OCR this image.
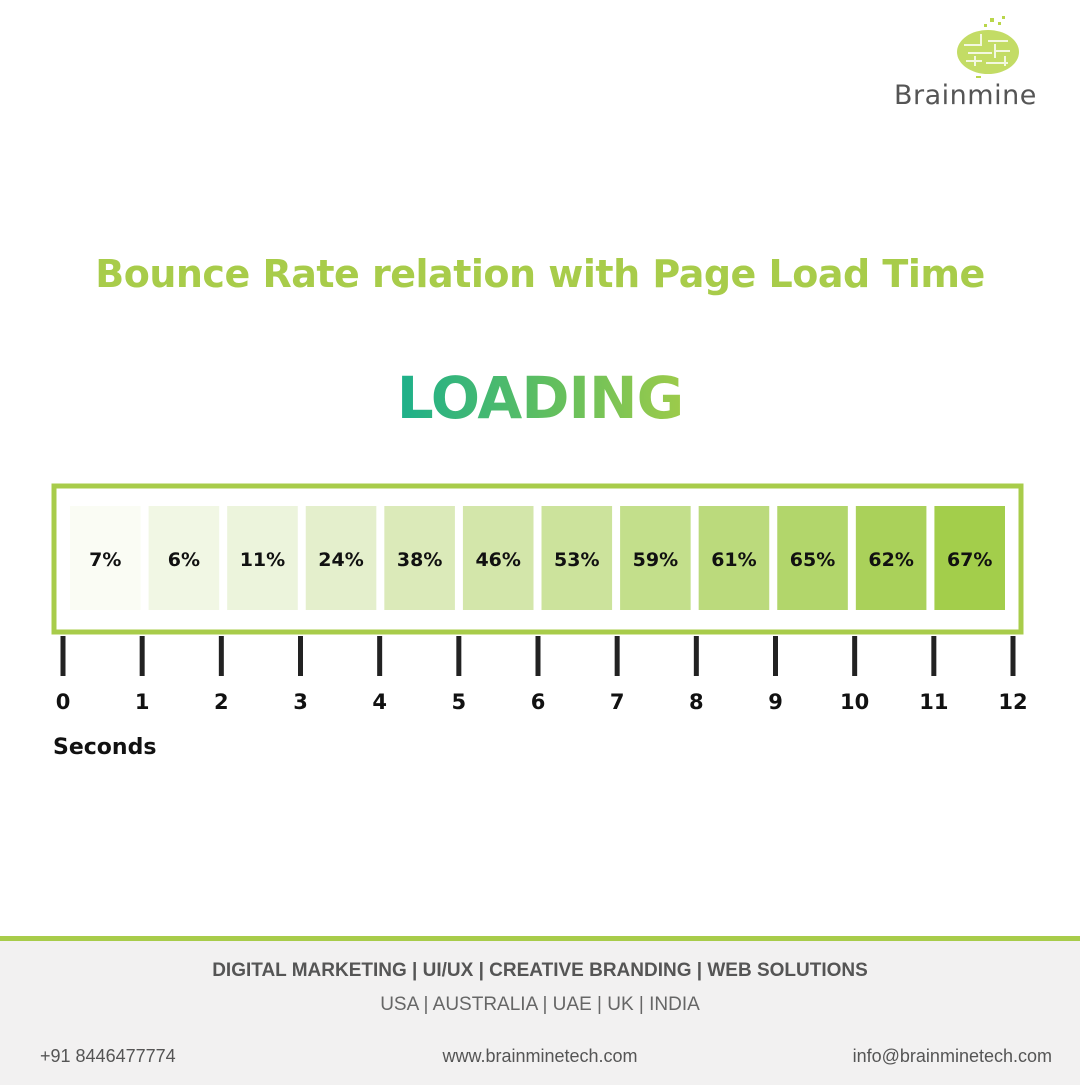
Brainmine
Bounce Rate relation with Page Load Time
LOADING
7% 6% 11% 24% 38% 46% 53% 59% 61% 65% 62% 67%
0	1	2	3	4	5	6	7	8	9	10 11 12
Seconds
DIGITAL MARKETING | UI/UX | CREATIVE BRANDING | WEB SOLUTIONS
USA | AUSTRALIA | UAE | UK | INDIA
+91 8446477774	www.brainminetech.com	info@brainminetech.com
